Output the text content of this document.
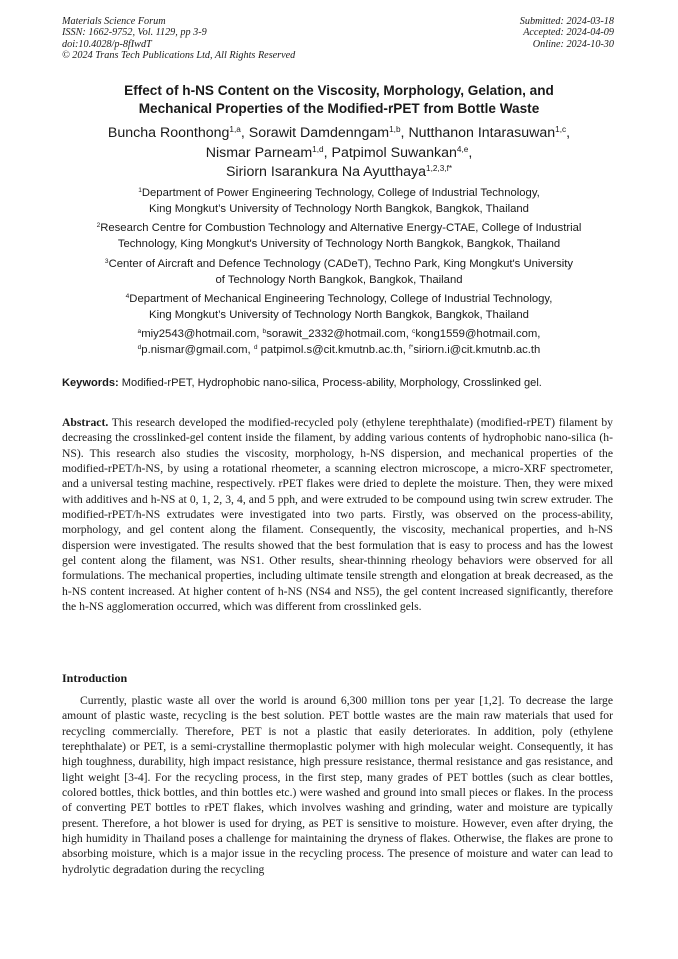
Materials Science Forum
ISSN: 1662-9752, Vol. 1129, pp 3-9
doi:10.4028/p-8fIwdT
© 2024 Trans Tech Publications Ltd, All Rights Reserved
Submitted: 2024-03-18
Accepted: 2024-04-09
Online: 2024-10-30
Effect of h-NS Content on the Viscosity, Morphology, Gelation, and
Mechanical Properties of the Modified-rPET from Bottle Waste
Buncha Roonthong$^{1,a}$, Sorawit Damdenngam$^{1,b}$, Nutthanon Intarasuwan$^{1,c}$,
Nismar Parneam$^{1,d}$, Patpimol Suwankan$^{4,e}$,
Siriorn Isarankura Na Ayutthaya$^{1,2,3,f*}$
$^1$Department of Power Engineering Technology, College of Industrial Technology,
King Mongkut’s University of Technology North Bangkok, Bangkok, Thailand
$^2$Research Centre for Combustion Technology and Alternative Energy-CTAE, College of Industrial
Technology, King Mongkut's University of Technology North Bangkok, Bangkok, Thailand
$^3$Center of Aircraft and Defence Technology (CADeT), Techno Park, King Mongkut's University
of Technology North Bangkok, Bangkok, Thailand
$^4$Department of Mechanical Engineering Technology, College of Industrial Technology,
King Mongkut’s University of Technology North Bangkok, Bangkok, Thailand
$^a$miy2543@hotmail.com, $^b$sorawit_2332@hotmail.com, $^c$kong1559@hotmail.com,
$^d$p.nismar@gmail.com, $^d$ patpimol.s@cit.kmutnb.ac.th, $^{f*}$siriorn.i@cit.kmutnb.ac.th
Keywords: Modified-rPET, Hydrophobic nano-silica, Process-ability, Morphology, Crosslinked gel.
Abstract. This research developed the modified-recycled poly (ethylene terephthalate) (modified-rPET) filament by decreasing the crosslinked-gel content inside the filament, by adding various contents of hydrophobic nano-silica (h-NS). This research also studies the viscosity, morphology, h-NS dispersion, and mechanical properties of the modified-rPET/h-NS, by using a rotational rheometer, a scanning electron microscope, a micro-XRF spectrometer, and a universal testing machine, respectively. rPET flakes were dried to deplete the moisture. Then, they were mixed with additives and h-NS at 0, 1, 2, 3, 4, and 5 pph, and were extruded to be compound using twin screw extruder. The modified-rPET/h-NS extrudates were investigated into two parts. Firstly, was observed on the process-ability, morphology, and gel content along the filament. Consequently, the viscosity, mechanical properties, and h-NS dispersion were investigated. The results showed that the best formulation that is easy to process and has the lowest gel content along the filament, was NS1. Other results, shear-thinning rheology behaviors were observed for all formulations. The mechanical properties, including ultimate tensile strength and elongation at break decreased, as the h-NS content increased. At higher content of h-NS (NS4 and NS5), the gel content increased significantly, therefore the h-NS agglomeration occurred, which was different from crosslinked gels.
Introduction
Currently, plastic waste all over the world is around 6,300 million tons per year [1,2]. To decrease the large amount of plastic waste, recycling is the best solution. PET bottle wastes are the main raw materials that used for recycling commercially. Therefore, PET is not a plastic that easily deteriorates. In addition, poly (ethylene terephthalate) or PET, is a semi-crystalline thermoplastic polymer with high molecular weight. Consequently, it has high toughness, durability, high impact resistance, high pressure resistance, thermal resistance and gas resistance, and light weight [3-4]. For the recycling process, in the first step, many grades of PET bottles (such as clear bottles, colored bottles, thick bottles, and thin bottles etc.) were washed and ground into small pieces or flakes. In the process of converting PET bottles to rPET flakes, which involves washing and grinding, water and moisture are typically present. Therefore, a hot blower is used for drying, as PET is sensitive to moisture. However, even after drying, the high humidity in Thailand poses a challenge for maintaining the dryness of flakes. Otherwise, the flakes are prone to absorbing moisture, which is a major issue in the recycling process. The presence of moisture and water can lead to hydrolytic degradation during the recycling
